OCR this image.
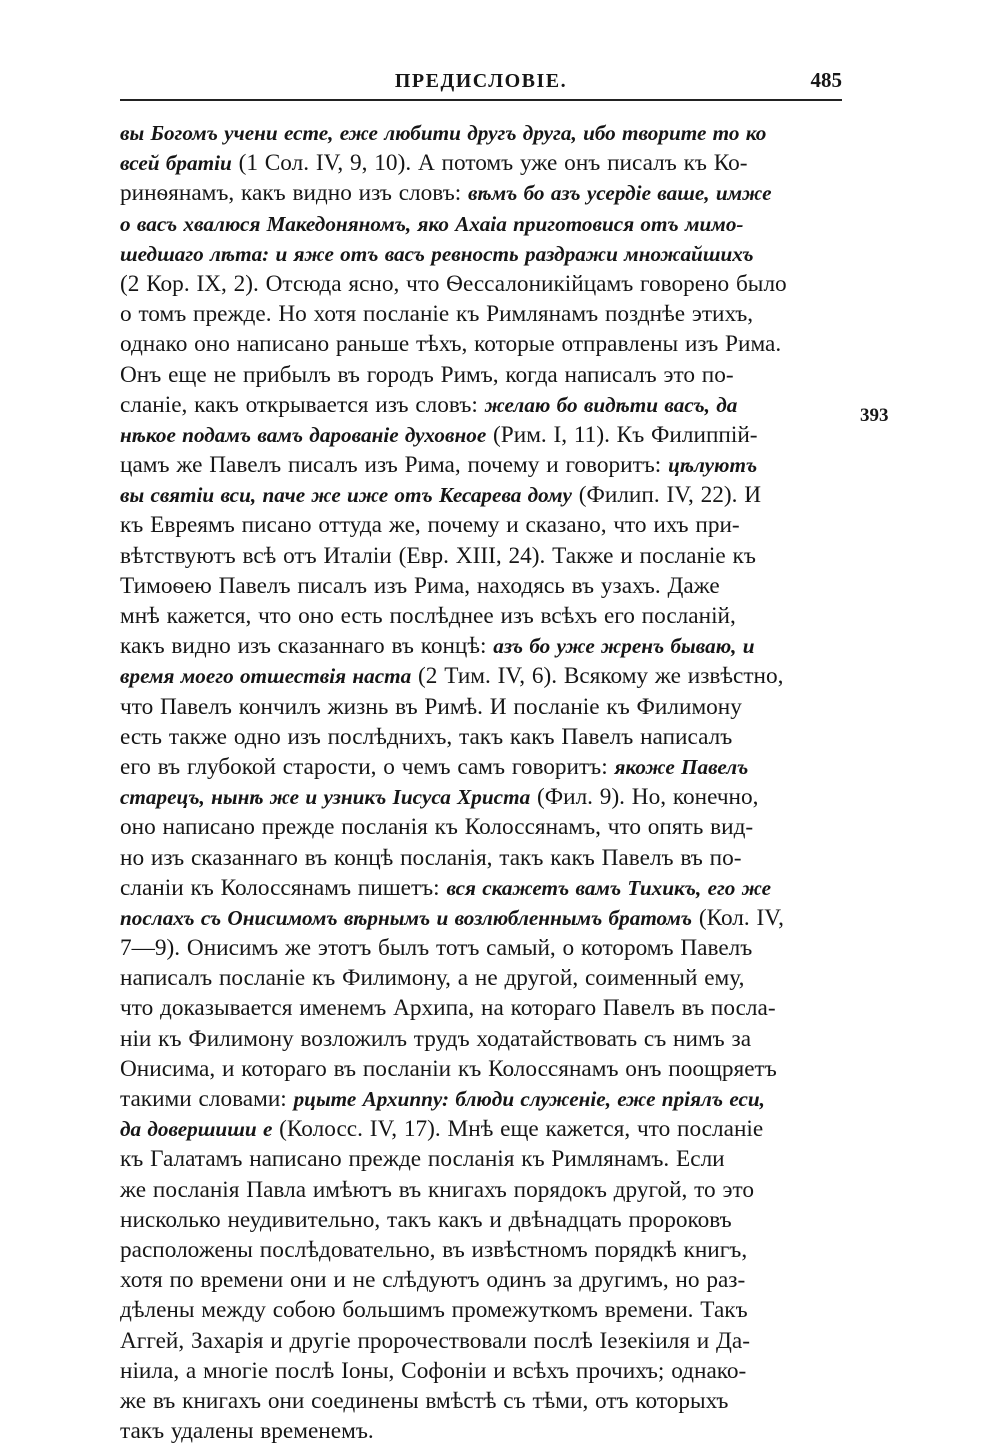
ПРЕДИСЛОВІЕ.	485
вы Богомъ учени есте, еже любити другъ друга, ибо творите то ко
всей братіи (1 Сол. IV, 9, 10). А потомъ уже онъ писалъ къ Ко-
ринѳянамъ, какъ видно изъ словъ: вѣмъ бо азъ усердіе ваше, имже
о васъ хвалюся Македоняномъ, яко Ахаіа приготовися отъ мимо-
шедшаго лѣта: и яже отъ васъ ревность раздражи множайшихъ
(2 Кор. IX, 2). Отсюда ясно, что Ѳессалоникійцамъ говорено было
о томъ прежде. Но хотя посланіе къ Римлянамъ позднѣе этихъ,
однако оно написано раньше тѣхъ, которые отправлены изъ Рима.
Онъ еще не прибылъ въ городъ Римъ, когда написалъ это по-
сланіе, какъ открывается изъ словъ: желаю бо видѣти васъ, да
нѣкое подамъ вамъ дарованіе духовное (Рим. I, 11). Къ Филиппій-
цамъ же Павелъ писалъ изъ Рима, почему и говоритъ: цѣлуютъ
вы святіи вси, паче же иже отъ Кесарева дому (Филип. IV, 22). И
къ Евреямъ писано оттуда же, почему и сказано, что ихъ при-
вѣтствуютъ всѣ отъ Италіи (Евр. XIII, 24). Также и посланіе къ
Тимоѳею Павелъ писалъ изъ Рима, находясь въ узахъ. Даже
мнѣ кажется, что оно есть послѣднее изъ всѣхъ его посланій,
какъ видно изъ сказаннаго въ концѣ: азъ бо уже жренъ бываю, и
время моего отшествія наста (2 Тим. IV, 6). Всякому же извѣстно,
что Павелъ кончилъ жизнь въ Римѣ. И посланіе къ Филимону
есть также одно изъ послѣднихъ, такъ какъ Павелъ написалъ
его въ глубокой старости, о чемъ самъ говоритъ: якоже Павелъ
старецъ, нынѣ же и узникъ Іисуса Христа (Фил. 9). Но, конечно,
оно написано прежде посланія къ Колоссянамъ, что опять вид-
но изъ сказаннаго въ концѣ посланія, такъ какъ Павелъ въ по-
сланіи къ Колоссянамъ пишетъ: вся скажетъ вамъ Тихикъ, его же
послахъ съ Онисимомъ вѣрнымъ и возлюбленнымъ братомъ (Кол. IV,
7—9). Онисимъ же этотъ былъ тотъ самый, о которомъ Павелъ
написалъ посланіе къ Филимону, а не другой, соименный ему,
что доказывается именемъ Архипа, на котораго Павелъ въ посла-
ніи къ Филимону возложилъ трудъ ходатайствовать съ нимъ за
Онисима, и котораго въ посланіи къ Колоссянамъ онъ поощряетъ
такими словами: рцыте Архиппу: блюди служеніе, еже пріялъ еси,
да довершиши е (Колосс. IV, 17). Мнѣ еще кажется, что посланіе
къ Галатамъ написано прежде посланія къ Римлянамъ. Если
же посланія Павла имѣютъ въ книгахъ порядокъ другой, то это
нисколько неудивительно, такъ какъ и двѣнадцать пророковъ
расположены послѣдовательно, въ извѣстномъ порядкѣ книгъ,
хотя по времени они и не слѣдуютъ одинъ за другимъ, но раз-
дѣлены между собою большимъ промежуткомъ времени. Такъ
Аггей, Захарія и другіе пророчествовали послѣ Іезекіиля и Да-
ніила, а многіе послѣ Іоны, Софоніи и всѣхъ прочихъ; однако-
же въ книгахъ они соединены вмѣстѣ съ тѣми, отъ которыхъ
такъ удалены временемъ.
393
